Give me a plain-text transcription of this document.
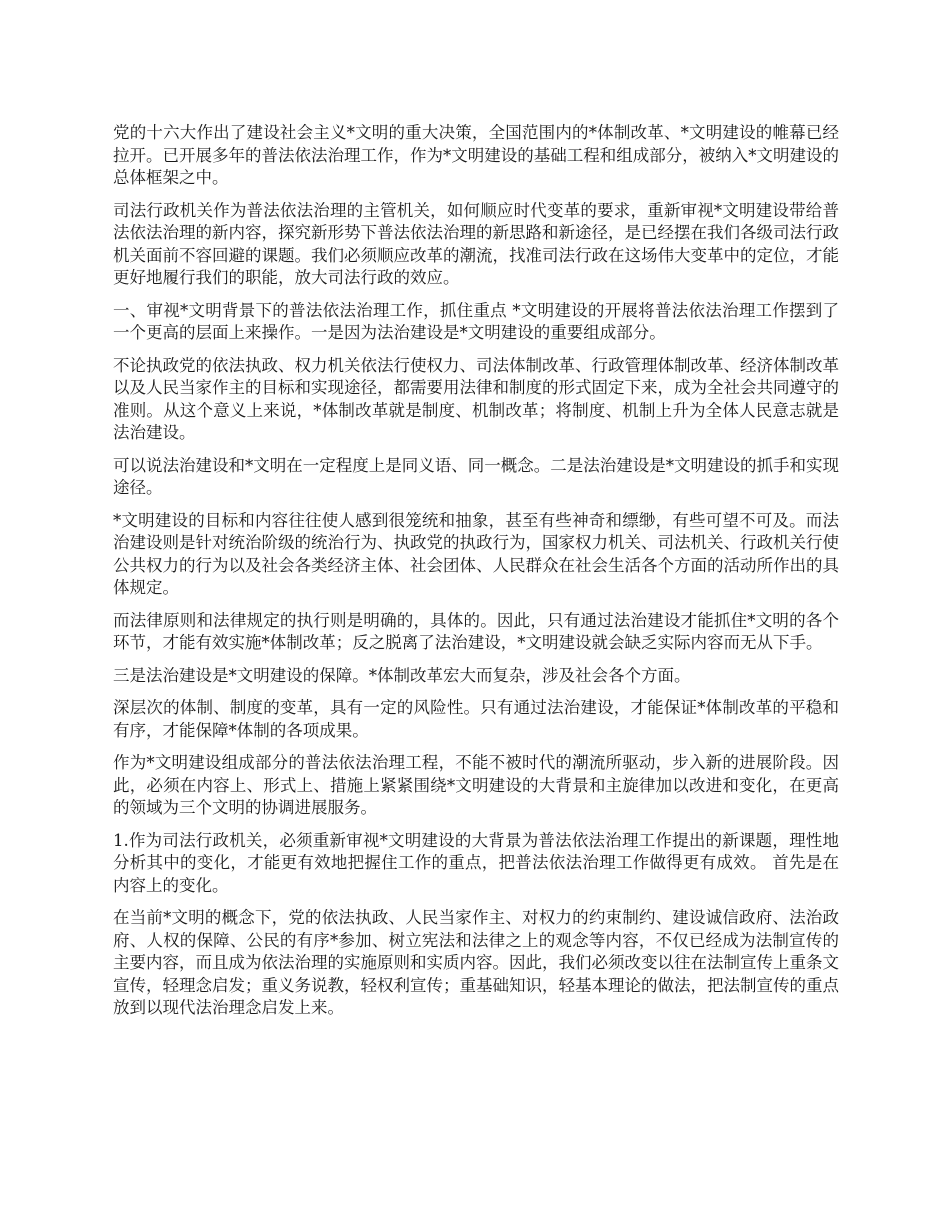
党的十六大作出了建设社会主义*文明的重大决策，全国范围内的*体制改革、*文明建设的帷幕已经拉开。已开展多年的普法依法治理工作，作为*文明建设的基础工程和组成部分，被纳入*文明建设的总体框架之中。

司法行政机关作为普法依法治理的主管机关，如何顺应时代变革的要求，重新审视*文明建设带给普法依法治理的新内容，探究新形势下普法依法治理的新思路和新途径，是已经摆在我们各级司法行政机关面前不容回避的课题。我们必须顺应改革的潮流，找准司法行政在这场伟大变革中的定位，才能更好地履行我们的职能，放大司法行政的效应。

一、审视*文明背景下的普法依法治理工作，抓住重点 *文明建设的开展将普法依法治理工作摆到了一个更高的层面上来操作。一是因为法治建设是*文明建设的重要组成部分。

不论执政党的依法执政、权力机关依法行使权力、司法体制改革、行政管理体制改革、经济体制改革以及人民当家作主的目标和实现途径，都需要用法律和制度的形式固定下来，成为全社会共同遵守的准则。从这个意义上来说，*体制改革就是制度、机制改革；将制度、机制上升为全体人民意志就是法治建设。

可以说法治建设和*文明在一定程度上是同义语、同一概念。二是法治建设是*文明建设的抓手和实现途径。

*文明建设的目标和内容往往使人感到很笼统和抽象，甚至有些神奇和缥缈，有些可望不可及。而法治建设则是针对统治阶级的统治行为、执政党的执政行为，国家权力机关、司法机关、行政机关行使公共权力的行为以及社会各类经济主体、社会团体、人民群众在社会生活各个方面的活动所作出的具体规定。

而法律原则和法律规定的执行则是明确的，具体的。因此，只有通过法治建设才能抓住*文明的各个环节，才能有效实施*体制改革；反之脱离了法治建设，*文明建设就会缺乏实际内容而无从下手。

三是法治建设是*文明建设的保障。*体制改革宏大而复杂，涉及社会各个方面。

深层次的体制、制度的变革，具有一定的风险性。只有通过法治建设，才能保证*体制改革的平稳和有序，才能保障*体制的各项成果。

作为*文明建设组成部分的普法依法治理工程，不能不被时代的潮流所驱动，步入新的进展阶段。因此，必须在内容上、形式上、措施上紧紧围绕*文明建设的大背景和主旋律加以改进和变化，在更高的领域为三个文明的协调进展服务。

1.作为司法行政机关，必须重新审视*文明建设的大背景为普法依法治理工作提出的新课题，理性地分析其中的变化，才能更有效地把握住工作的重点，把普法依法治理工作做得更有成效。 首先是在内容上的变化。

在当前*文明的概念下，党的依法执政、人民当家作主、对权力的约束制约、建设诚信政府、法治政府、人权的保障、公民的有序*参加、树立宪法和法律之上的观念等内容，不仅已经成为法制宣传的主要内容，而且成为依法治理的实施原则和实质内容。因此，我们必须改变以往在法制宣传上重条文宣传，轻理念启发；重义务说教，轻权利宣传；重基础知识，轻基本理论的做法，把法制宣传的重点放到以现代法治理念启发上来。
